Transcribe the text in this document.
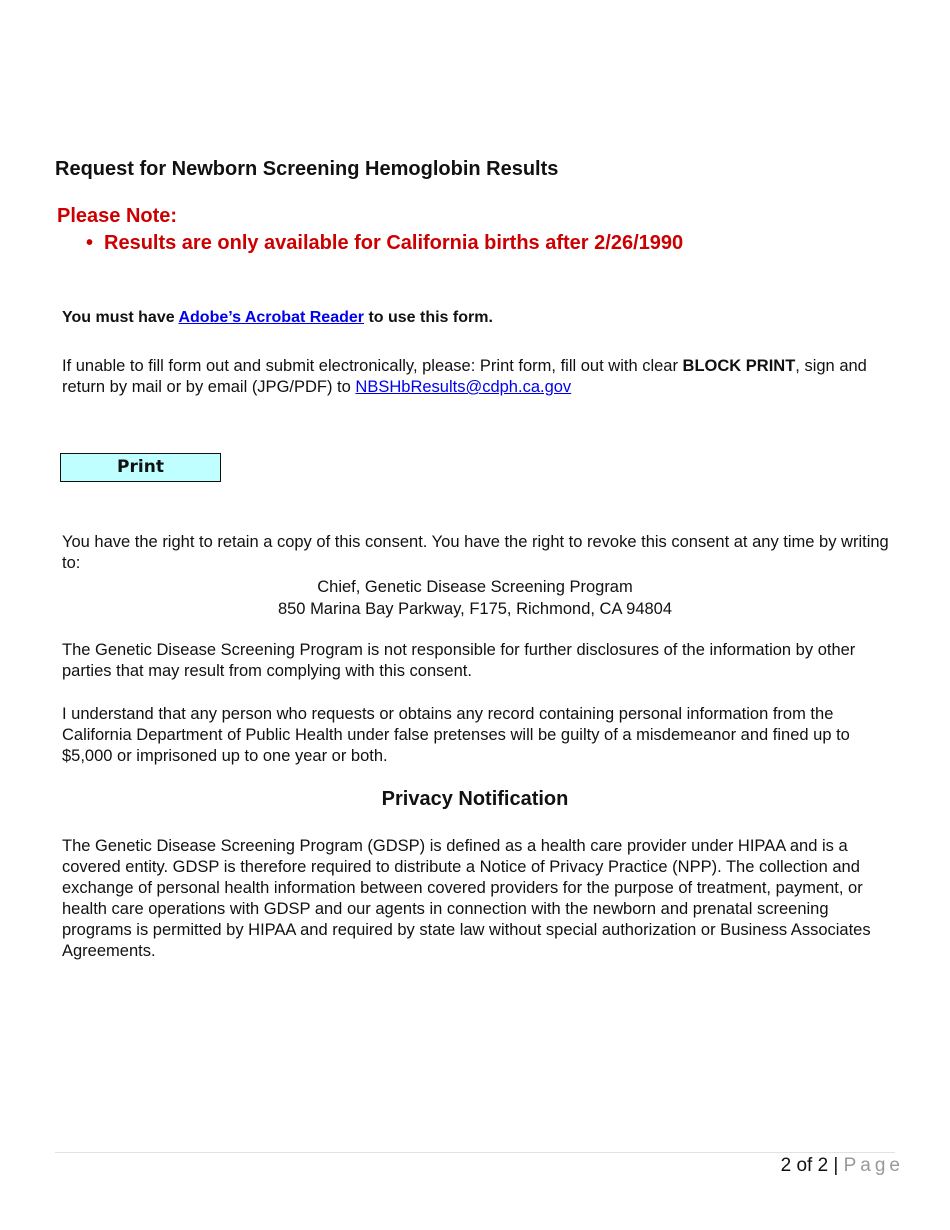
Request for Newborn Screening Hemoglobin Results
Please Note:
• Results are only available for California births after 2/26/1990
You must have Adobe’s Acrobat Reader to use this form.
If unable to fill form out and submit electronically, please: Print form, fill out with clear BLOCK PRINT, sign and return by mail or by email (JPG/PDF) to NBSHbResults@cdph.ca.gov
Print
You have the right to retain a copy of this consent. You have the right to revoke this consent at any time by writing to:
Chief, Genetic Disease Screening Program
850 Marina Bay Parkway, F175, Richmond, CA 94804
The Genetic Disease Screening Program is not responsible for further disclosures of the information by other parties that may result from complying with this consent.
I understand that any person who requests or obtains any record containing personal information from the California Department of Public Health under false pretenses will be guilty of a misdemeanor and fined up to $5,000 or imprisoned up to one year or both.
Privacy Notification
The Genetic Disease Screening Program (GDSP) is defined as a health care provider under HIPAA and is a covered entity. GDSP is therefore required to distribute a Notice of Privacy Practice (NPP). The collection and exchange of personal health information between covered providers for the purpose of treatment, payment, or health care operations with GDSP and our agents in connection with the newborn and prenatal screening programs is permitted by HIPAA and required by state law without special authorization or Business Associates Agreements.
2 of 2 | Page
